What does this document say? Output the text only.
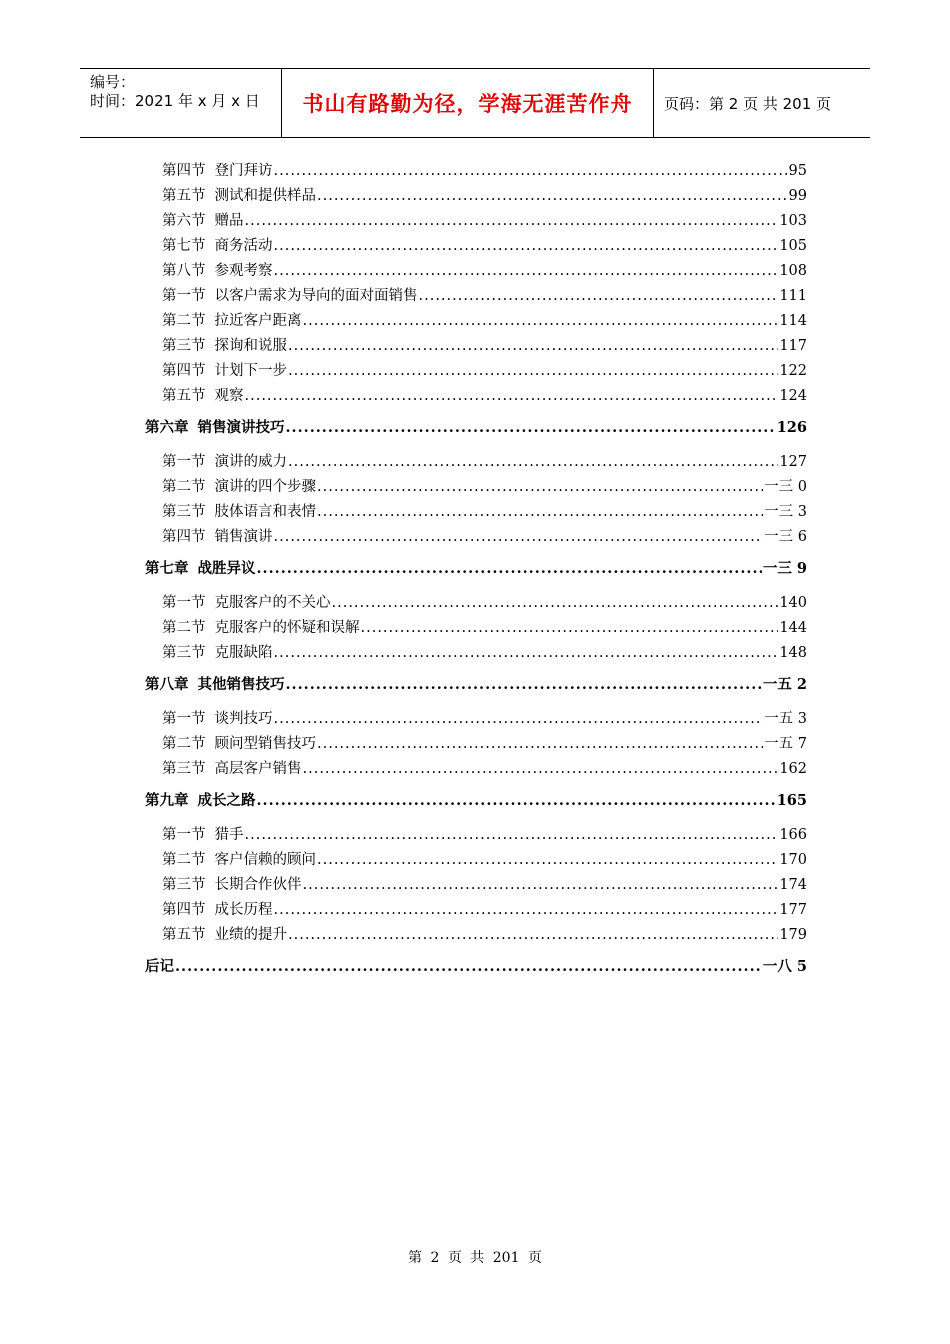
编号：
时间：2021 年 x 月 x 日	书山有路勤为径，学海无涯苦作舟 页码：第 2 页 共 201 页
第四节 登门拜访 .....	95
第五节 测试和提供样品 .....	99
第六节 赠品 .....	103
第七节 商务活动 .....	105
第八节 参观考察 .....	108
第一节 以客户需求为导向的面对面销售 .....	111
第二节 拉近客户距离 .....	114
第三节 探询和说服 .....	117
第四节 计划下一步 .....	122
第五节 观察 .....	124
第六章 销售演讲技巧 .....	126
第一节 演讲的威力 .....	127
第二节 演讲的四个步骤 .....	一三 0
第三节 肢体语言和表情 .....	一三 3
第四节 销售演讲 .....	一三 6
第七章 战胜异议 .....	一三 9
第一节 克服客户的不关心 .....	140
第二节 克服客户的怀疑和误解 .....	144
第三节 克服缺陷 .....	148
第八章 其他销售技巧 .....	一五 2
第一节 谈判技巧 .....	一五 3
第二节 顾问型销售技巧 .....	一五 7
第三节 高层客户销售 .....	162
第九章 成长之路 .....	165
第一节 猎手 .....	166
第二节 客户信赖的顾问 .....	170
第三节 长期合作伙伴 .....	174
第四节 成长历程 .....	177
第五节 业绩的提升 .....	179
后记 .....	一八 5
第 2 页 共 201 页
